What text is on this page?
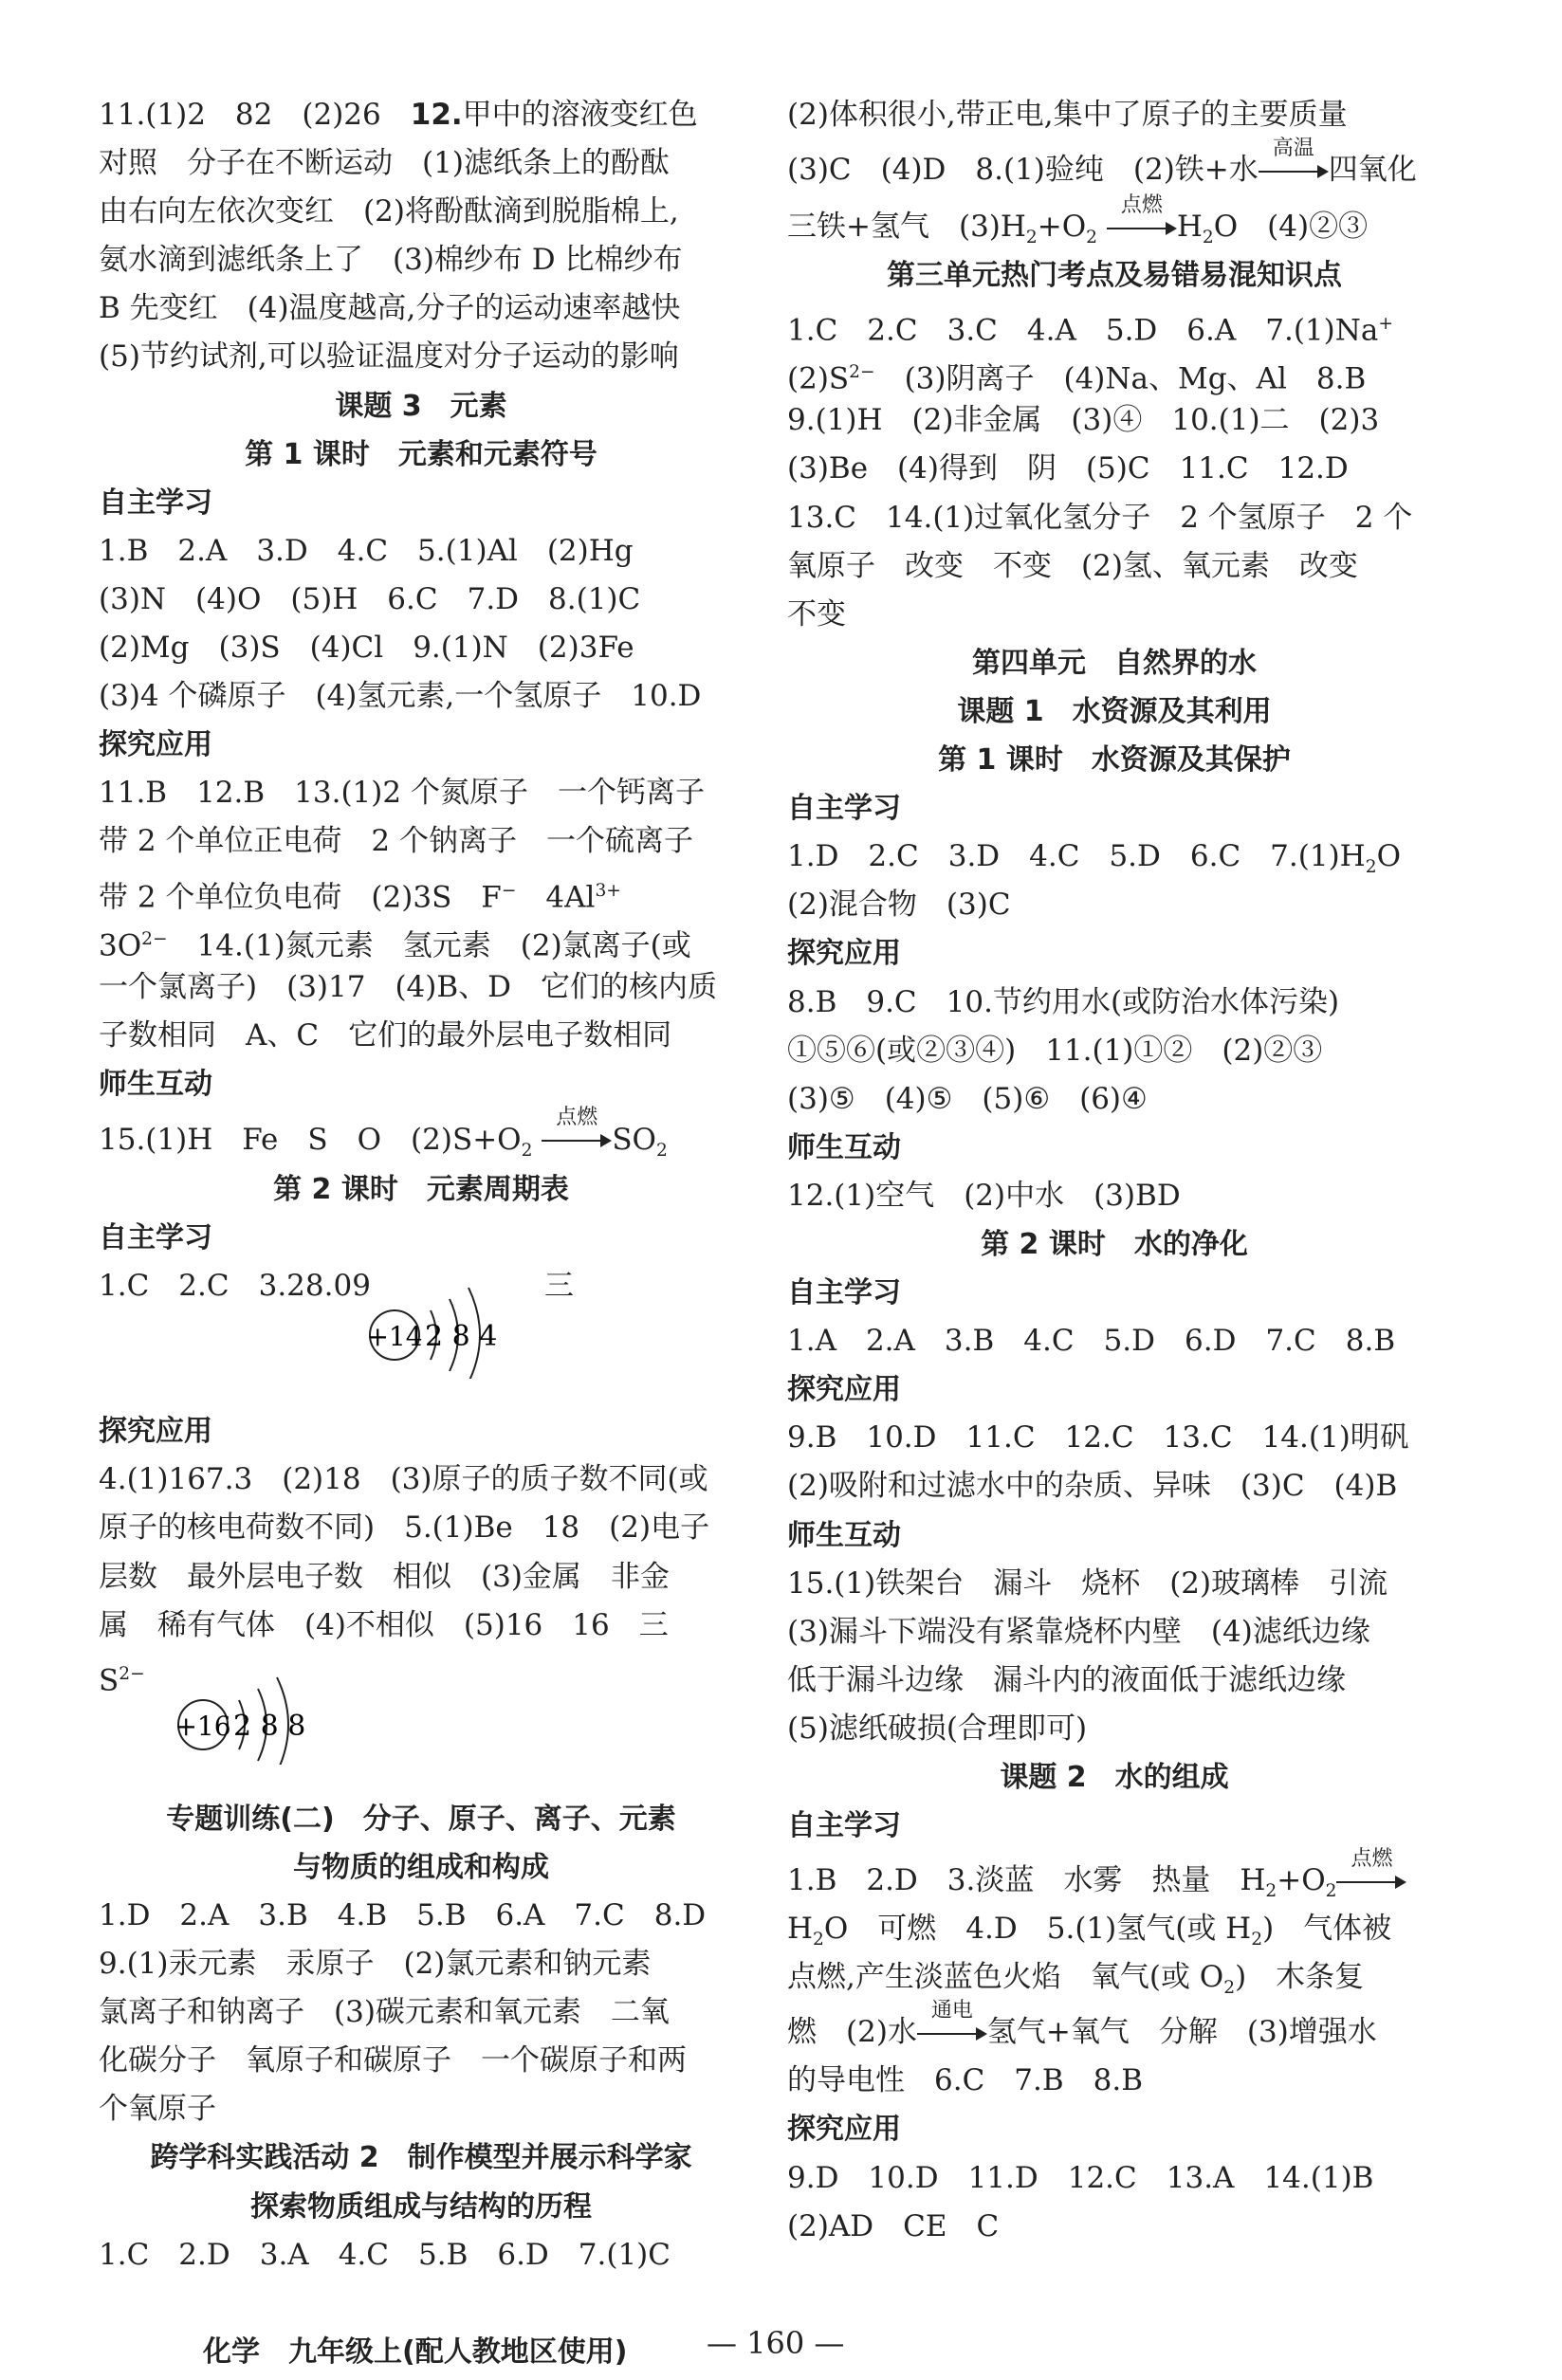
11.(1)2　82　(2)26　 12.甲中的溶液变红色
对照　分子在不断运动　(1)滤纸条上的酚酞
由右向左依次变红　(2)将酚酞滴到脱脂棉上,
氨水滴到滤纸条上了　(3)棉纱布 D 比棉纱布
B 先变红　(4)温度越高,分子的运动速率越快
(5)节约试剂,可以验证温度对分子运动的影响
课题 3　元素
第 1 课时　元素和元素符号
自主学习
1.B　2.A　3.D　4.C　5.(1)Al　(2)Hg
(3)N　(4)O　(5)H　6.C　7.D　8.(1)C
(2)Mg　(3)S　(4)Cl　9.(1)N　(2)3Fe
(3)4 个磷原子　(4)氢元素,一个氢原子　10.D
探究应用
11.B　12.B　13.(1)2 个氮原子　一个钙离子
带 2 个单位正电荷　2 个钠离子　一个硫离子
带 2 个单位负电荷　(2)3S　F−　 $4Al^{3+}$
$3O^{2-}$　 14.(1)氮元素　氢元素　(2)氯离子(或
一个氯离子)　(3)17　(4)B、D　它们的核内质
子数相同　A、C　它们的最外层电子数相同
师生互动
15.(1)H　Fe　S　O　$(2)S+O_2$
点燃
$SO_2$
第 2 课时　元素周期表
自主学习
1.C　2.C　3.28.09	三
+14 2 8 4
探究应用
4.(1)167.3　(2)18　(3)原子的质子数不同(或
原子的核电荷数不同)　5.(1)Be　18　(2)电子
层数　最外层电子数　相似　(3)金属　非金
属　稀有气体　(4)不相似　(5)16　16　三
$S^{2-}$
+16 2 8 8
专题训练(二)　分子、原子、离子、元素
与物质的组成和构成
1.D　2.A　3.B　4.B　5.B　6.A　7.C　8.D
9.(1)汞元素　汞原子　(2)氯元素和钠元素
氯离子和钠离子　(3)碳元素和氧元素　二氧
化碳分子　氧原子和碳原子　一个碳原子和两
个氧原子
跨学科实践活动 2　制作模型并展示科学家
探索物质组成与结构的历程
1.C　2.D　3.A　4.C　5.B　6.D　7.(1)C
(2)体积很小,带正电,集中了原子的主要质量
(3)C　(4)D　8.(1)验纯　(2)铁+水
高温
四氧化
三铁+氢气　$(3)H_2+O_2$
点燃
$H_2O$　(4)②③
第三单元热门考点及易错易混知识点
1.C　2.C　3.C　4.A　5.D　6.A　7.(1)Na+
$(2)S^{2-}$　 (3)阴离子　(4)Na、Mg、Al　8.B
9.(1)H　(2)非金属　(3)④　10.(1)二　(2)3
(3)Be　(4)得到　阴　(5)C　11.C　12.D
13.C　14.(1)过氧化氢分子　2 个氢原子　2 个
氧原子　改变　不变　(2)氢、氧元素　改变
不变
第四单元　自然界的水
课题 1　水资源及其利用
第 1 课时　水资源及其保护
自主学习
1.D　2.C　3.D　4.C　5.D　6.C　$7.(1)H_2O$
(2)混合物　(3)C
探究应用
8.B　9.C　10.节约用水(或防治水体污染)
①⑤⑥(或②③④)　11.(1)①②　(2)②③
(3)⑤　(4)⑤　(5)⑥　(6)④
师生互动
12.(1)空气　(2)中水　(3)BD
第 2 课时　水的净化
自主学习
1.A　2.A　3.B　4.C　5.D　6.D　7.C　8.B
探究应用
9.B　10.D　11.C　12.C　13.C　14.(1)明矾
(2)吸附和过滤水中的杂质、异味　(3)C　(4)B
师生互动
15.(1)铁架台　漏斗　烧杯　(2)玻璃棒　引流
(3)漏斗下端没有紧靠烧杯内壁　(4)滤纸边缘
低于漏斗边缘　漏斗内的液面低于滤纸边缘
(5)滤纸破损(合理即可)
课题 2　水的组成
自主学习
1.B　2.D　3.淡蓝　水雾　热量　$H_2+O_2$
点燃
$H_2O$　可燃　4.D　5.(1)氢气(或 $H_2$)　气体被
点燃,产生淡蓝色火焰　氧气(或 $O_2$)　木条复
燃　(2)水
通电
氢气+氧气　分解　(3)增强水
的导电性　6.C　7.B　8.B
探究应用
9.D　10.D　11.D　12.C　13.A　14.(1)B
(2)AD　CE　C
化学　九年级上(配人教地区使用)	— 160 —
